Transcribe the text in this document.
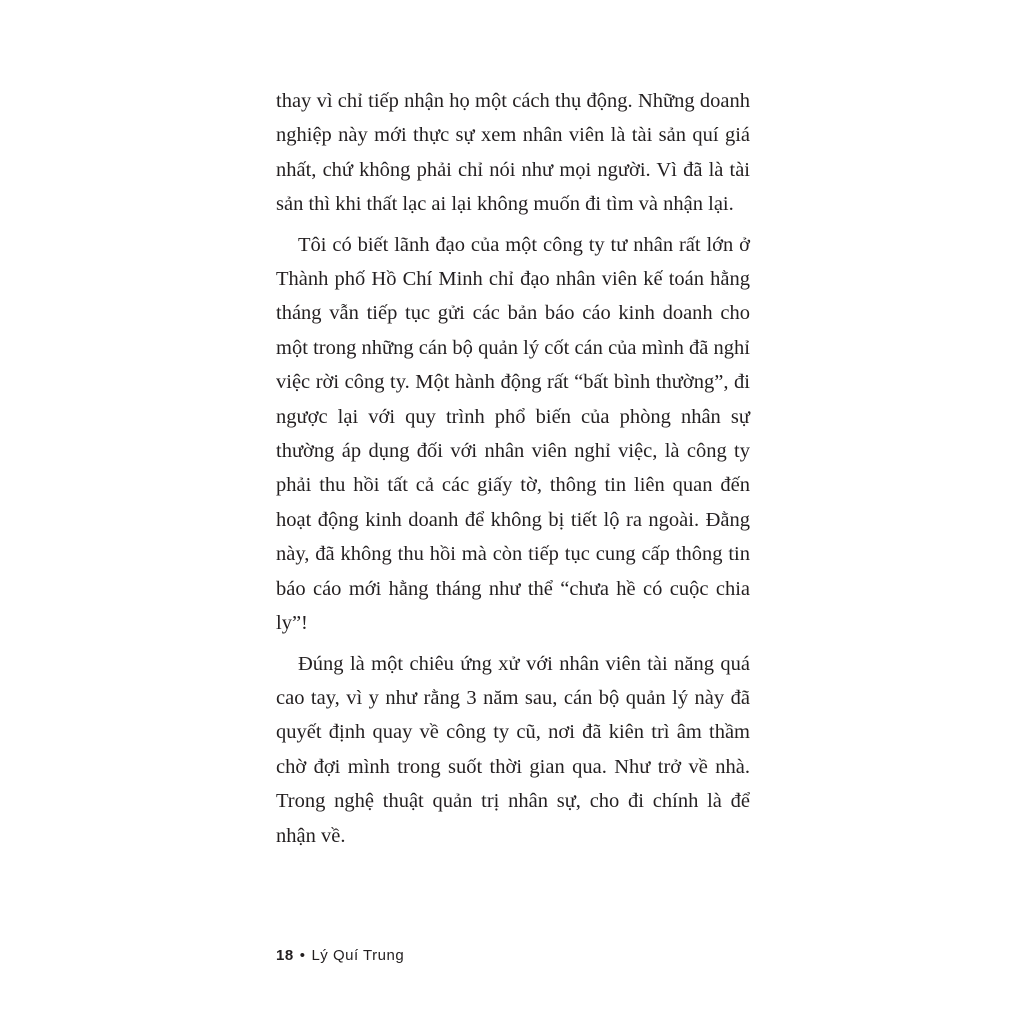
thay vì chỉ tiếp nhận họ một cách thụ động. Những doanh nghiệp này mới thực sự xem nhân viên là tài sản quí giá nhất, chứ không phải chỉ nói như mọi người. Vì đã là tài sản thì khi thất lạc ai lại không muốn đi tìm và nhận lại.

Tôi có biết lãnh đạo của một công ty tư nhân rất lớn ở Thành phố Hồ Chí Minh chỉ đạo nhân viên kế toán hằng tháng vẫn tiếp tục gửi các bản báo cáo kinh doanh cho một trong những cán bộ quản lý cốt cán của mình đã nghỉ việc rời công ty. Một hành động rất “bất bình thường”, đi ngược lại với quy trình phổ biến của phòng nhân sự thường áp dụng đối với nhân viên nghỉ việc, là công ty phải thu hồi tất cả các giấy tờ, thông tin liên quan đến hoạt động kinh doanh để không bị tiết lộ ra ngoài. Đằng này, đã không thu hồi mà còn tiếp tục cung cấp thông tin báo cáo mới hằng tháng như thể “chưa hề có cuộc chia ly”!

Đúng là một chiêu ứng xử với nhân viên tài năng quá cao tay, vì y như rằng 3 năm sau, cán bộ quản lý này đã quyết định quay về công ty cũ, nơi đã kiên trì âm thầm chờ đợi mình trong suốt thời gian qua. Như trở về nhà. Trong nghệ thuật quản trị nhân sự, cho đi chính là để nhận về.

18 • Lý Quí Trung
